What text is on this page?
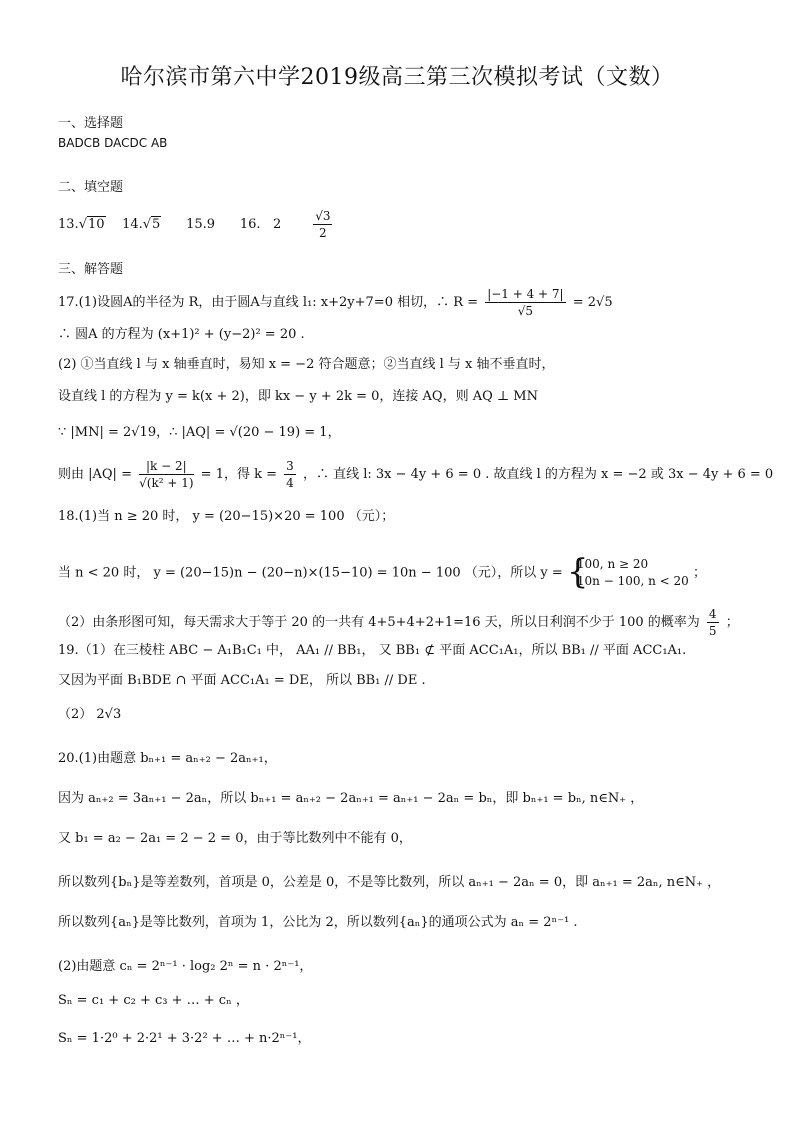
哈尔滨市第六中学2019级高三第三次模拟考试（文数）
一、选择题
BADCB DACDC AB
二、填空题
13.√10 14.√5 15.9 16. 2	$\frac{√3}{2}$
三、解答题
17.(1)设圆A的半径为 R，由于圆A与直线 l₁: x+2y+7=0 相切，∴ $R = \frac{|-1 + 4 + 7|}{√5} = 2√5$
∴ 圆A 的方程为 (x+1)² + (y−2)² = 20 .
(2) ①当直线 l 与 x 轴垂直时，易知 x = −2 符合题意；②当直线 l 与 x 轴不垂直时，
设直线 l 的方程为 y = k(x + 2)，即 kx − y + 2k = 0，连接 AQ，则 AQ ⊥ MN
∵ |MN| = 2√19，∴ |AQ| = √(20 − 19) = 1，
则由 $|AQ| = \frac{|k - 2|}{\text{√(k² + 1)}} = 1$，得 $k = \frac{3}{4}$ ，∴ 直线 l: 3x − 4y + 6 = 0 . 故直线 l 的方程为 x = −2 或 3x − 4y + 6 = 0
18.(1)当 n ≥ 20 时， y = (20−15)×20 = 100 （元）；
当 n < 20 时， y = (20−15)n − (20−n)×(15−10) = 10n − 100 （元），所以 y = {
100, n ≥ 20
10n − 100, n < 20
；
（2）由条形图可知，每天需求大于等于 20 的一共有 4+5+4+2+1=16 天，所以日利润不少于 100 的概率为 $\frac{4}{5}$ ；
19.（1）在三棱柱 ABC − A₁B₁C₁ 中， AA₁ // BB₁， 又 BB₁ ⊄ 平面 ACC₁A₁，所以 BB₁ // 平面 ACC₁A₁.
又因为平面 B₁BDE ∩ 平面 ACC₁A₁ = DE， 所以 BB₁ // DE .
（2） 2√3
20.(1)由题意 bₙ₊₁ = aₙ₊₂ − 2aₙ₊₁，
因为 aₙ₊₂ = 3aₙ₊₁ − 2aₙ，所以 bₙ₊₁ = aₙ₊₂ − 2aₙ₊₁ = aₙ₊₁ − 2aₙ = bₙ，即 bₙ₊₁ = bₙ, n∈N₊ ，
又 b₁ = a₂ − 2a₁ = 2 − 2 = 0，由于等比数列中不能有 0，
所以数列{bₙ}是等差数列，首项是 0，公差是 0，不是等比数列，所以 aₙ₊₁ − 2aₙ = 0，即 aₙ₊₁ = 2aₙ, n∈N₊ ，
所以数列{aₙ}是等比数列，首项为 1，公比为 2，所以数列{aₙ}的通项公式为 aₙ = 2ⁿ⁻¹ .
(2)由题意 cₙ = 2ⁿ⁻¹ · log₂ 2ⁿ = n · 2ⁿ⁻¹，
Sₙ = c₁ + c₂ + c₃ + … + cₙ ，
Sₙ = 1·2⁰ + 2·2¹ + 3·2² + … + n·2ⁿ⁻¹，
